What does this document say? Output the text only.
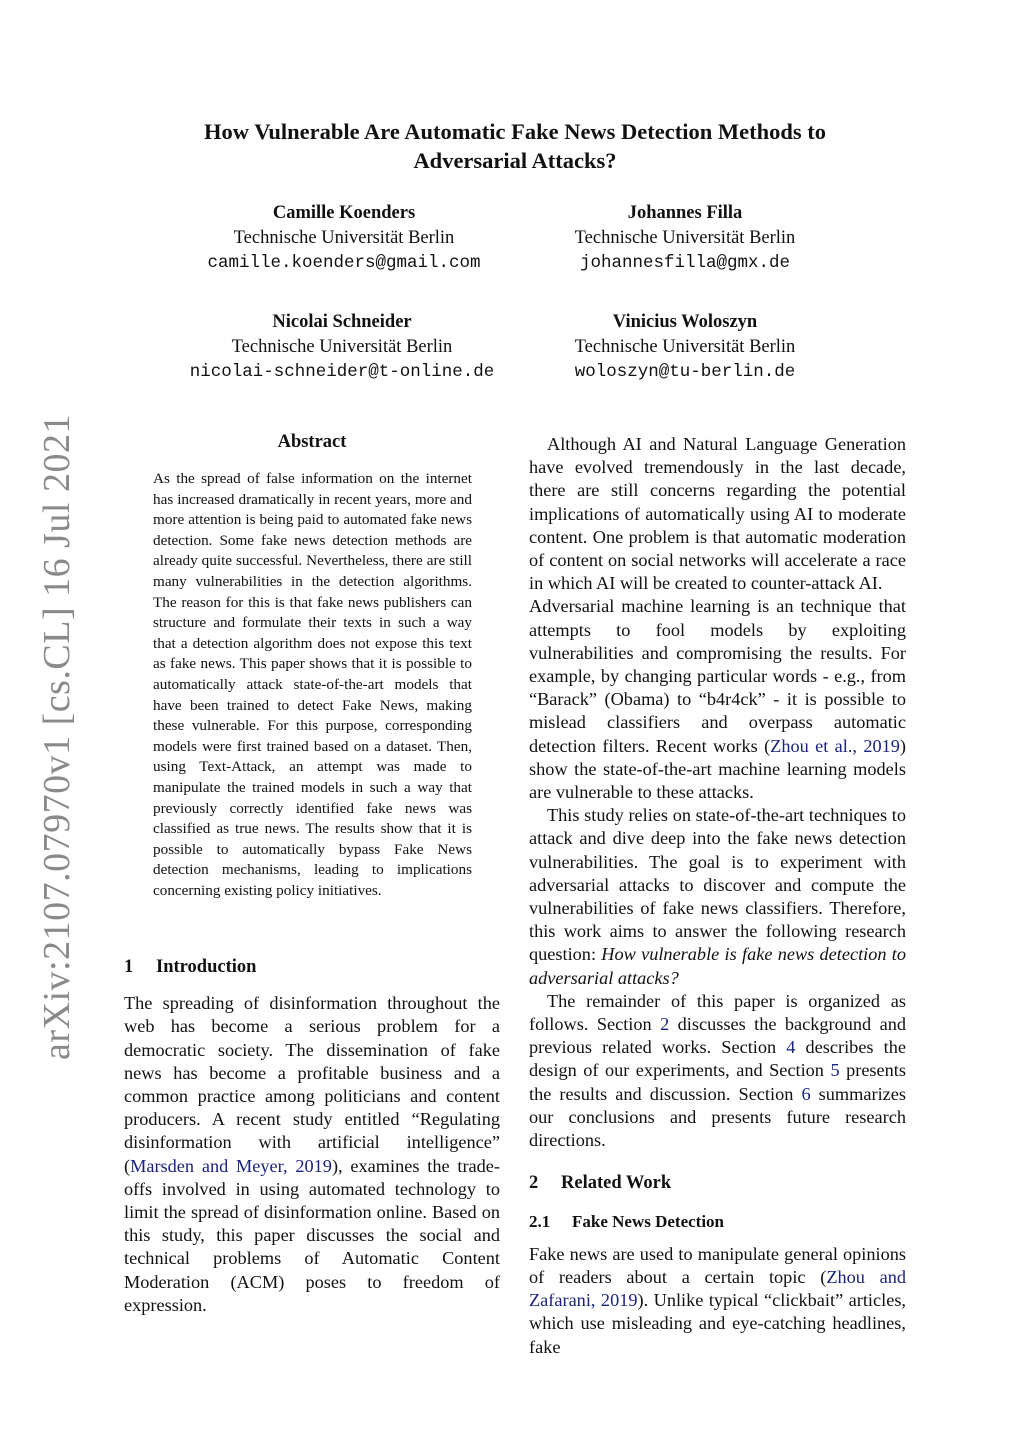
arXiv:2107.07970v1 [cs.CL] 16 Jul 2021
How Vulnerable Are Automatic Fake News Detection Methods to
Adversarial Attacks?
Camille Koenders
Technische Universität Berlin
camille.koenders@gmail.com
Johannes Filla
Technische Universität Berlin
johannesfilla@gmx.de
Nicolai Schneider
Technische Universität Berlin
nicolai-schneider@t-online.de
Vinicius Woloszyn
Technische Universität Berlin
woloszyn@tu-berlin.de
Abstract
As the spread of false information on the internet has increased dramatically in recent years, more and more attention is being paid to automated fake news detection. Some fake news detection methods are already quite successful. Nevertheless, there are still many vulnerabilities in the detection algorithms. The reason for this is that fake news publishers can structure and formulate their texts in such a way that a detection algorithm does not expose this text as fake news. This paper shows that it is possible to automatically attack state-of-the-art models that have been trained to detect Fake News, making these vulnerable. For this purpose, corresponding models were first trained based on a dataset. Then, using Text-Attack, an attempt was made to manipulate the trained models in such a way that previously correctly identified fake news was classified as true news. The results show that it is possible to automatically bypass Fake News detection mechanisms, leading to implications concerning existing policy initiatives.
1 Introduction

The spreading of disinformation throughout the web has become a serious problem for a democratic society. The dissemination of fake news has become a profitable business and a common practice among politicians and content producers. A recent study entitled “Regulating disinformation with artificial intelligence” (Marsden and Meyer, 2019), examines the trade-offs involved in using automated technology to limit the spread of disinformation online. Based on this study, this paper discusses the social and technical problems of Automatic Content Moderation (ACM) poses to freedom of expression.

Although AI and Natural Language Generation have evolved tremendously in the last decade, there are still concerns regarding the potential implications of automatically using AI to moderate content. One problem is that automatic moderation of content on social networks will accelerate a race in which AI will be created to counter-attack AI.

Adversarial machine learning is an technique that attempts to fool models by exploiting vulnerabilities and compromising the results. For example, by changing particular words - e.g., from “Barack” (Obama) to “b4r4ck” - it is possible to mislead classifiers and overpass automatic detection filters. Recent works (Zhou et al., 2019) show the state-of-the-art machine learning models are vulnerable to these attacks.

This study relies on state-of-the-art techniques to attack and dive deep into the fake news detection vulnerabilities. The goal is to experiment with adversarial attacks to discover and compute the vulnerabilities of fake news classifiers. Therefore, this work aims to answer the following research question: How vulnerable is fake news detection to adversarial attacks?

The remainder of this paper is organized as follows. Section 2 discusses the background and previous related works. Section 4 describes the design of our experiments, and Section 5 presents the results and discussion. Section 6 summarizes our conclusions and presents future research directions.

2 Related Work
2.1 Fake News Detection

Fake news are used to manipulate general opinions of readers about a certain topic (Zhou and Zafarani, 2019). Unlike typical “clickbait” articles, which use misleading and eye-catching headlines, fake
